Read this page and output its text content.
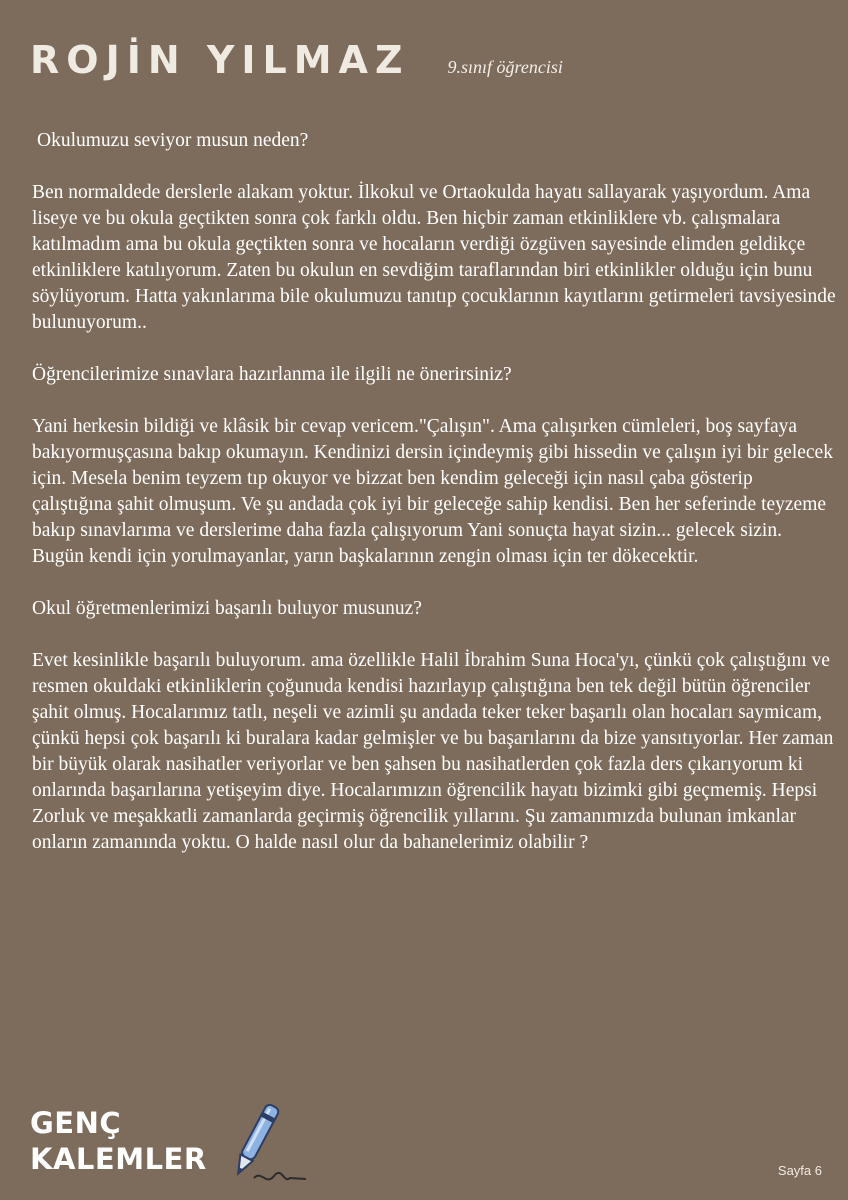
ROJİN YILMAZ 9.sınıf öğrencisi

Okulumuzu seviyor musun neden?

Ben normaldede derslerle alakam yoktur. İlkokul ve Ortaokulda hayatı sallayarak yaşıyordum. Ama liseye ve bu okula geçtikten sonra çok farklı oldu. Ben hiçbir zaman etkinliklere vb. çalışmalara katılmadım ama bu okula geçtikten sonra ve hocaların verdiği özgüven sayesinde elimden geldikçe etkinliklere katılıyorum. Zaten bu okulun en sevdiğim taraflarından biri etkinlikler olduğu için bunu söylüyorum. Hatta yakınlarıma bile okulumuzu tanıtıp çocuklarının kayıtlarını getirmeleri tavsiyesinde bulunuyorum..

Öğrencilerimize sınavlara hazırlanma ile ilgili ne önerirsiniz?

Yani herkesin bildiği ve klâsik bir cevap vericem."Çalışın". Ama çalışırken cümleleri, boş sayfaya bakıyormuşçasına bakıp okumayın. Kendinizi dersin içindeymiş gibi hissedin ve çalışın iyi bir gelecek için. Mesela benim teyzem tıp okuyor ve bizzat ben kendim geleceği için nasıl çaba gösterip çalıştığına şahit olmuşum. Ve şu andada çok iyi bir geleceğe sahip kendisi. Ben her seferinde teyzeme bakıp sınavlarıma ve derslerime daha fazla çalışıyorum Yani sonuçta hayat sizin... gelecek sizin. Bugün kendi için yorulmayanlar, yarın başkalarının zengin olması için ter dökecektir.

Okul öğretmenlerimizi başarılı buluyor musunuz?

Evet kesinlikle başarılı buluyorum. ama özellikle Halil İbrahim Suna Hoca'yı, çünkü çok çalıştığını ve resmen okuldaki etkinliklerin çoğunuda kendisi hazırlayıp çalıştığına ben tek değil bütün öğrenciler şahit olmuş. Hocalarımız tatlı, neşeli ve azimli şu andada teker teker başarılı olan hocaları saymicam, çünkü hepsi çok başarılı ki buralara kadar gelmişler ve bu başarılarını da bize yansıtıyorlar. Her zaman bir büyük olarak nasihatler veriyorlar ve ben şahsen bu nasihatlerden çok fazla ders çıkarıyorum ki onlarında başarılarına yetişeyim diye. Hocalarımızın öğrencilik hayatı bizimki gibi geçmemiş. Hepsi Zorluk ve meşakkatli zamanlarda geçirmiş öğrencilik yıllarını. Şu zamanımızda bulunan imkanlar onların zamanında yoktu. O halde nasıl olur da bahanelerimiz olabilir ?

GENÇ
KALEMLER	Sayfa 6
